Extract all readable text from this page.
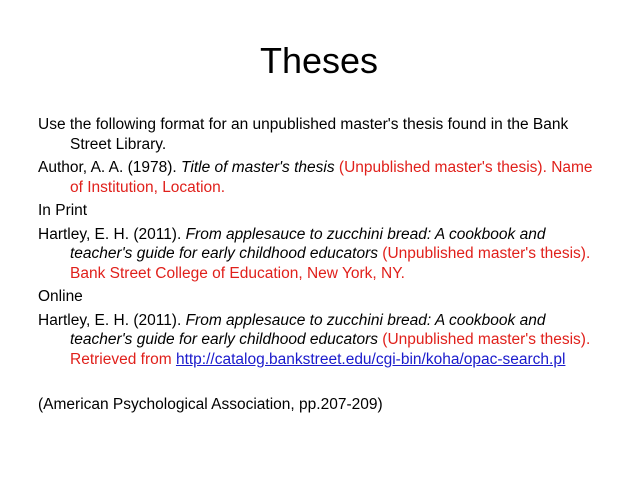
Theses

Use the following format for an unpublished master's thesis found in the Bank Street Library.

Author, A. A. (1978). Title of master's thesis (Unpublished master's thesis). Name of Institution, Location.

In Print

Hartley, E. H. (2011). From applesauce to zucchini bread: A cookbook and teacher's guide for early childhood educators (Unpublished master's thesis). Bank Street College of Education, New York, NY.

Online

Hartley, E. H. (2011). From applesauce to zucchini bread: A cookbook and teacher's guide for early childhood educators (Unpublished master's thesis). Retrieved from http://catalog.bankstreet.edu/cgi-bin/koha/opac-search.pl

(American Psychological Association, pp.207-209)
